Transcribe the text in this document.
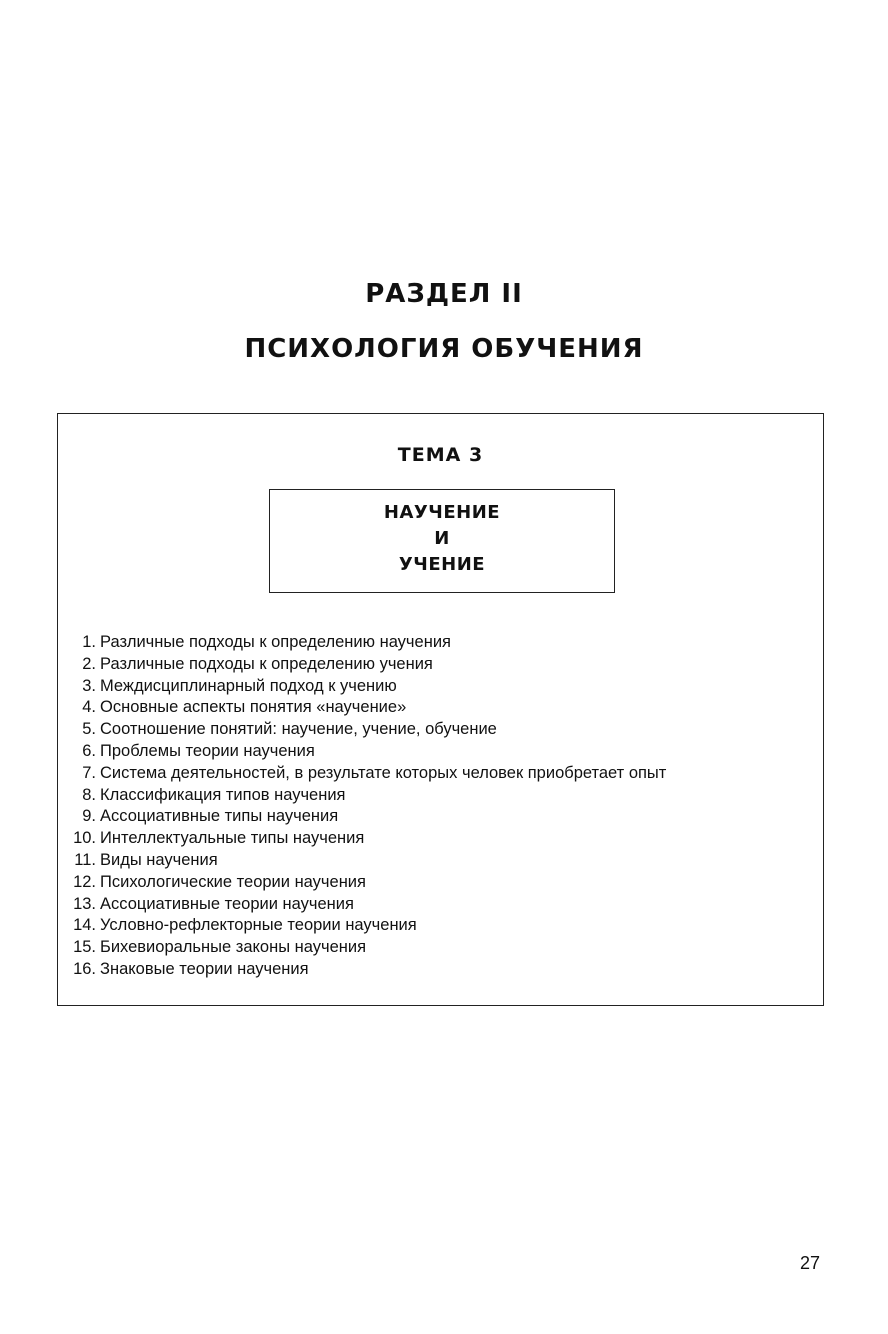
РАЗДЕЛ II
ПСИХОЛОГИЯ ОБУЧЕНИЯ
ТЕМА 3
НАУЧЕНИЕ
И
УЧЕНИЕ
1. Различные подходы к определению научения
2. Различные подходы к определению учения
3. Междисциплинарный подход к учению
4. Основные аспекты понятия «научение»
5. Соотношение понятий: научение, учение, обучение
6. Проблемы теории научения
7. Система деятельностей, в результате которых человек приобретает опыт
8. Классификация типов научения
9. Ассоциативные типы научения
10. Интеллектуальные типы научения
11. Виды научения
12. Психологические теории научения
13. Ассоциативные теории научения
14. Условно-рефлекторные теории научения
15. Бихевиоральные законы научения
16. Знаковые теории научения
27
